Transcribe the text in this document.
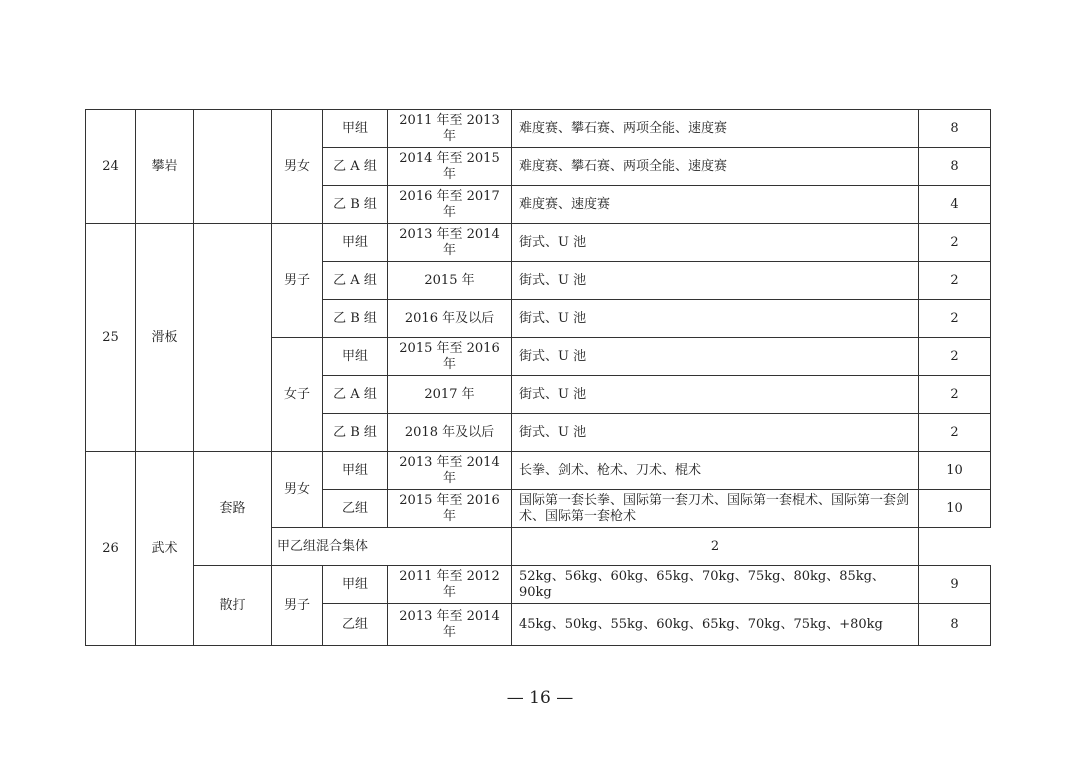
24	攀岩		男女	甲组	2011 年至 2013 年	难度赛、攀石赛、两项全能、速度赛	8
				乙 A 组	2014 年至 2015 年	难度赛、攀石赛、两项全能、速度赛	8
				乙 B 组	2016 年至 2017 年	难度赛、速度赛	4
25	滑板		男子	甲组	2013 年至 2014 年	街式、U 池	2
				乙 A 组	2015 年	街式、U 池	2
				乙 B 组	2016 年及以后	街式、U 池	2
			女子	甲组	2015 年至 2016 年	街式、U 池	2
				乙 A 组	2017 年	街式、U 池	2
				乙 B 组	2018 年及以后	街式、U 池	2
26	武术	套路	男女	甲组	2013 年至 2014 年	长拳、剑术、枪术、刀术、棍术	10
				乙组	2015 年至 2016 年	国际第一套长拳、国际第一套刀术、国际第一套棍术、国际第一套剑术、国际第一套枪术	10
			甲乙组混合集体			2	
		散打	男子	甲组	2011 年至 2012 年	52kg、56kg、60kg、65kg、70kg、75kg、80kg、85kg、90kg	9
				乙组	2013 年至 2014 年	45kg、50kg、55kg、60kg、65kg、70kg、75kg、+80kg	8
— 16 —
